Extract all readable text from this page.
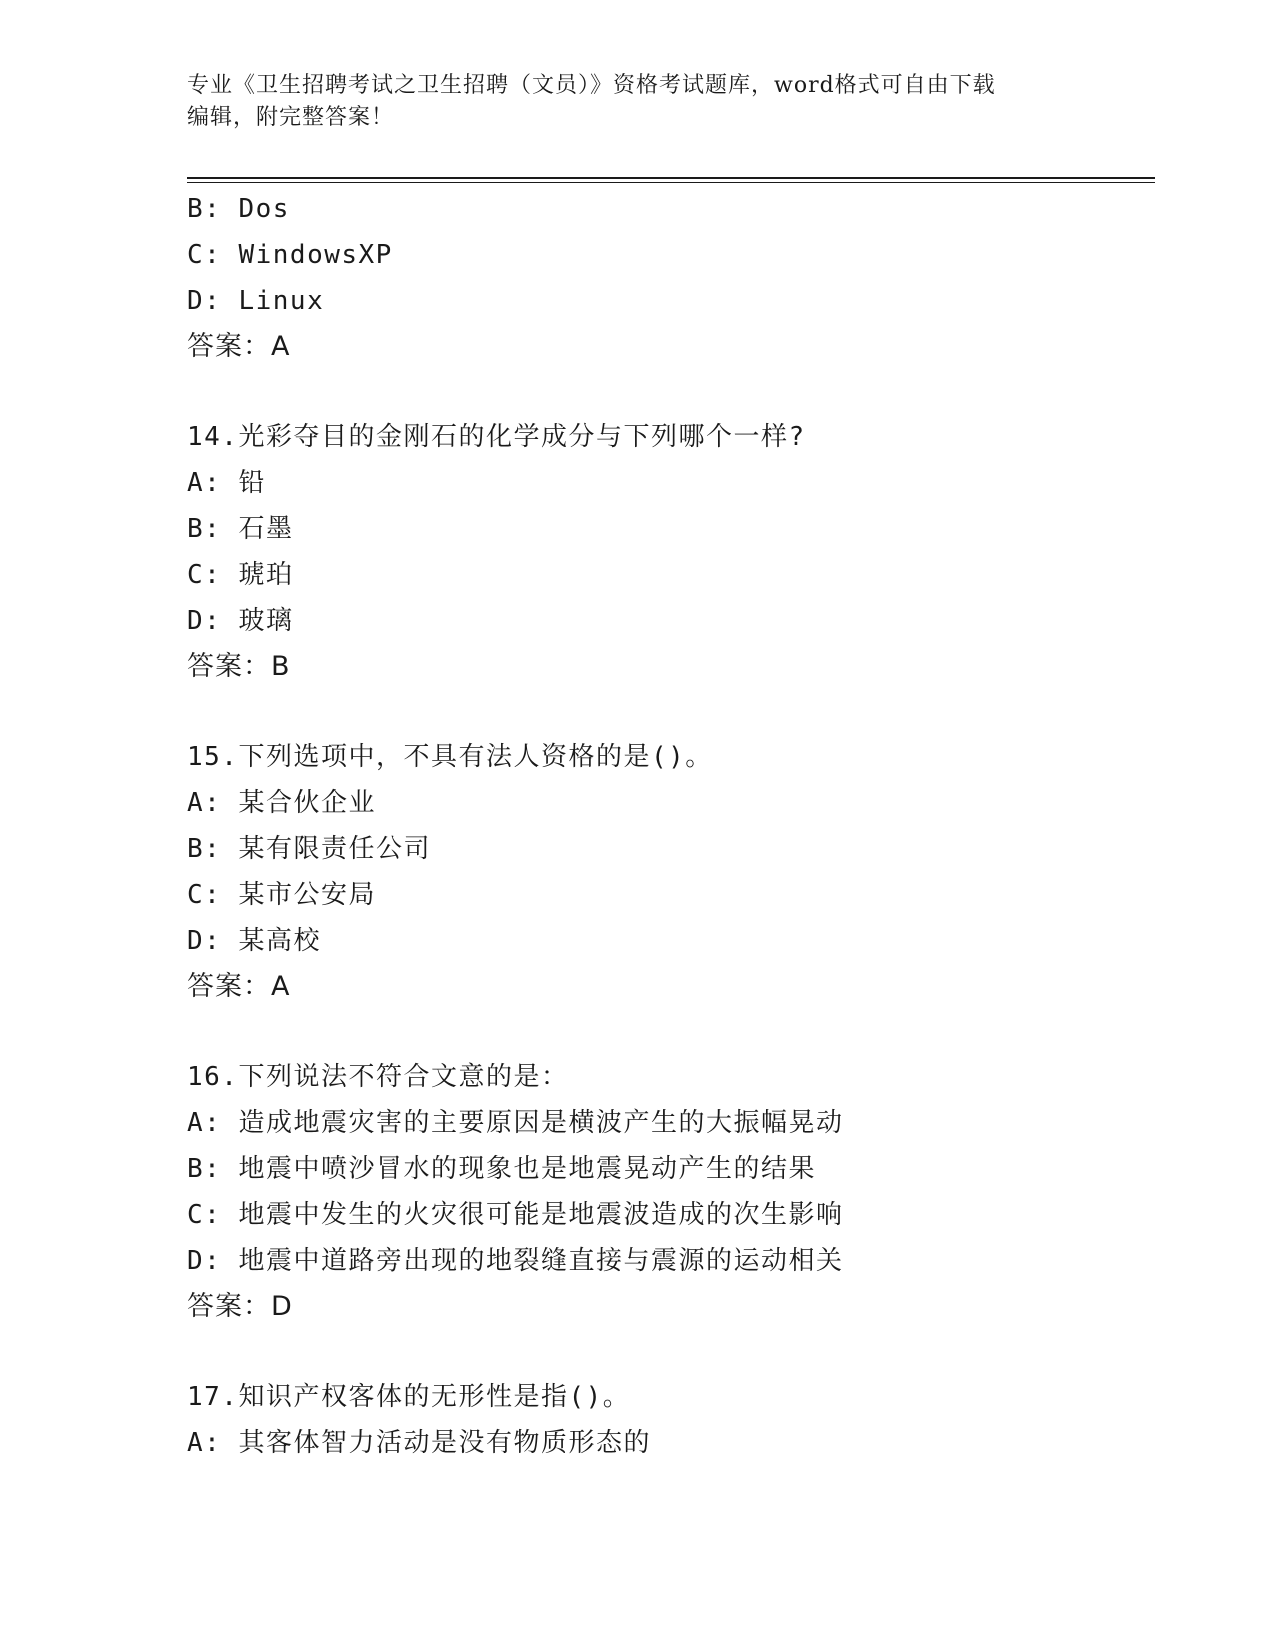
专业《卫生招聘考试之卫生招聘（文员）》资格考试题库，word格式可自由下载
编辑，附完整答案！
B: Dos
C: WindowsXP
D: Linux
答案：A
14.光彩夺目的金刚石的化学成分与下列哪个一样?
A: 铅
B: 石墨
C: 琥珀
D: 玻璃
答案：B
15.下列选项中，不具有法人资格的是()。
A: 某合伙企业
B: 某有限责任公司
C: 某市公安局
D: 某高校
答案：A
16.下列说法不符合文意的是：
A: 造成地震灾害的主要原因是横波产生的大振幅晃动
B: 地震中喷沙冒水的现象也是地震晃动产生的结果
C: 地震中发生的火灾很可能是地震波造成的次生影响
D: 地震中道路旁出现的地裂缝直接与震源的运动相关
答案：D
17.知识产权客体的无形性是指()。
A: 其客体智力活动是没有物质形态的
